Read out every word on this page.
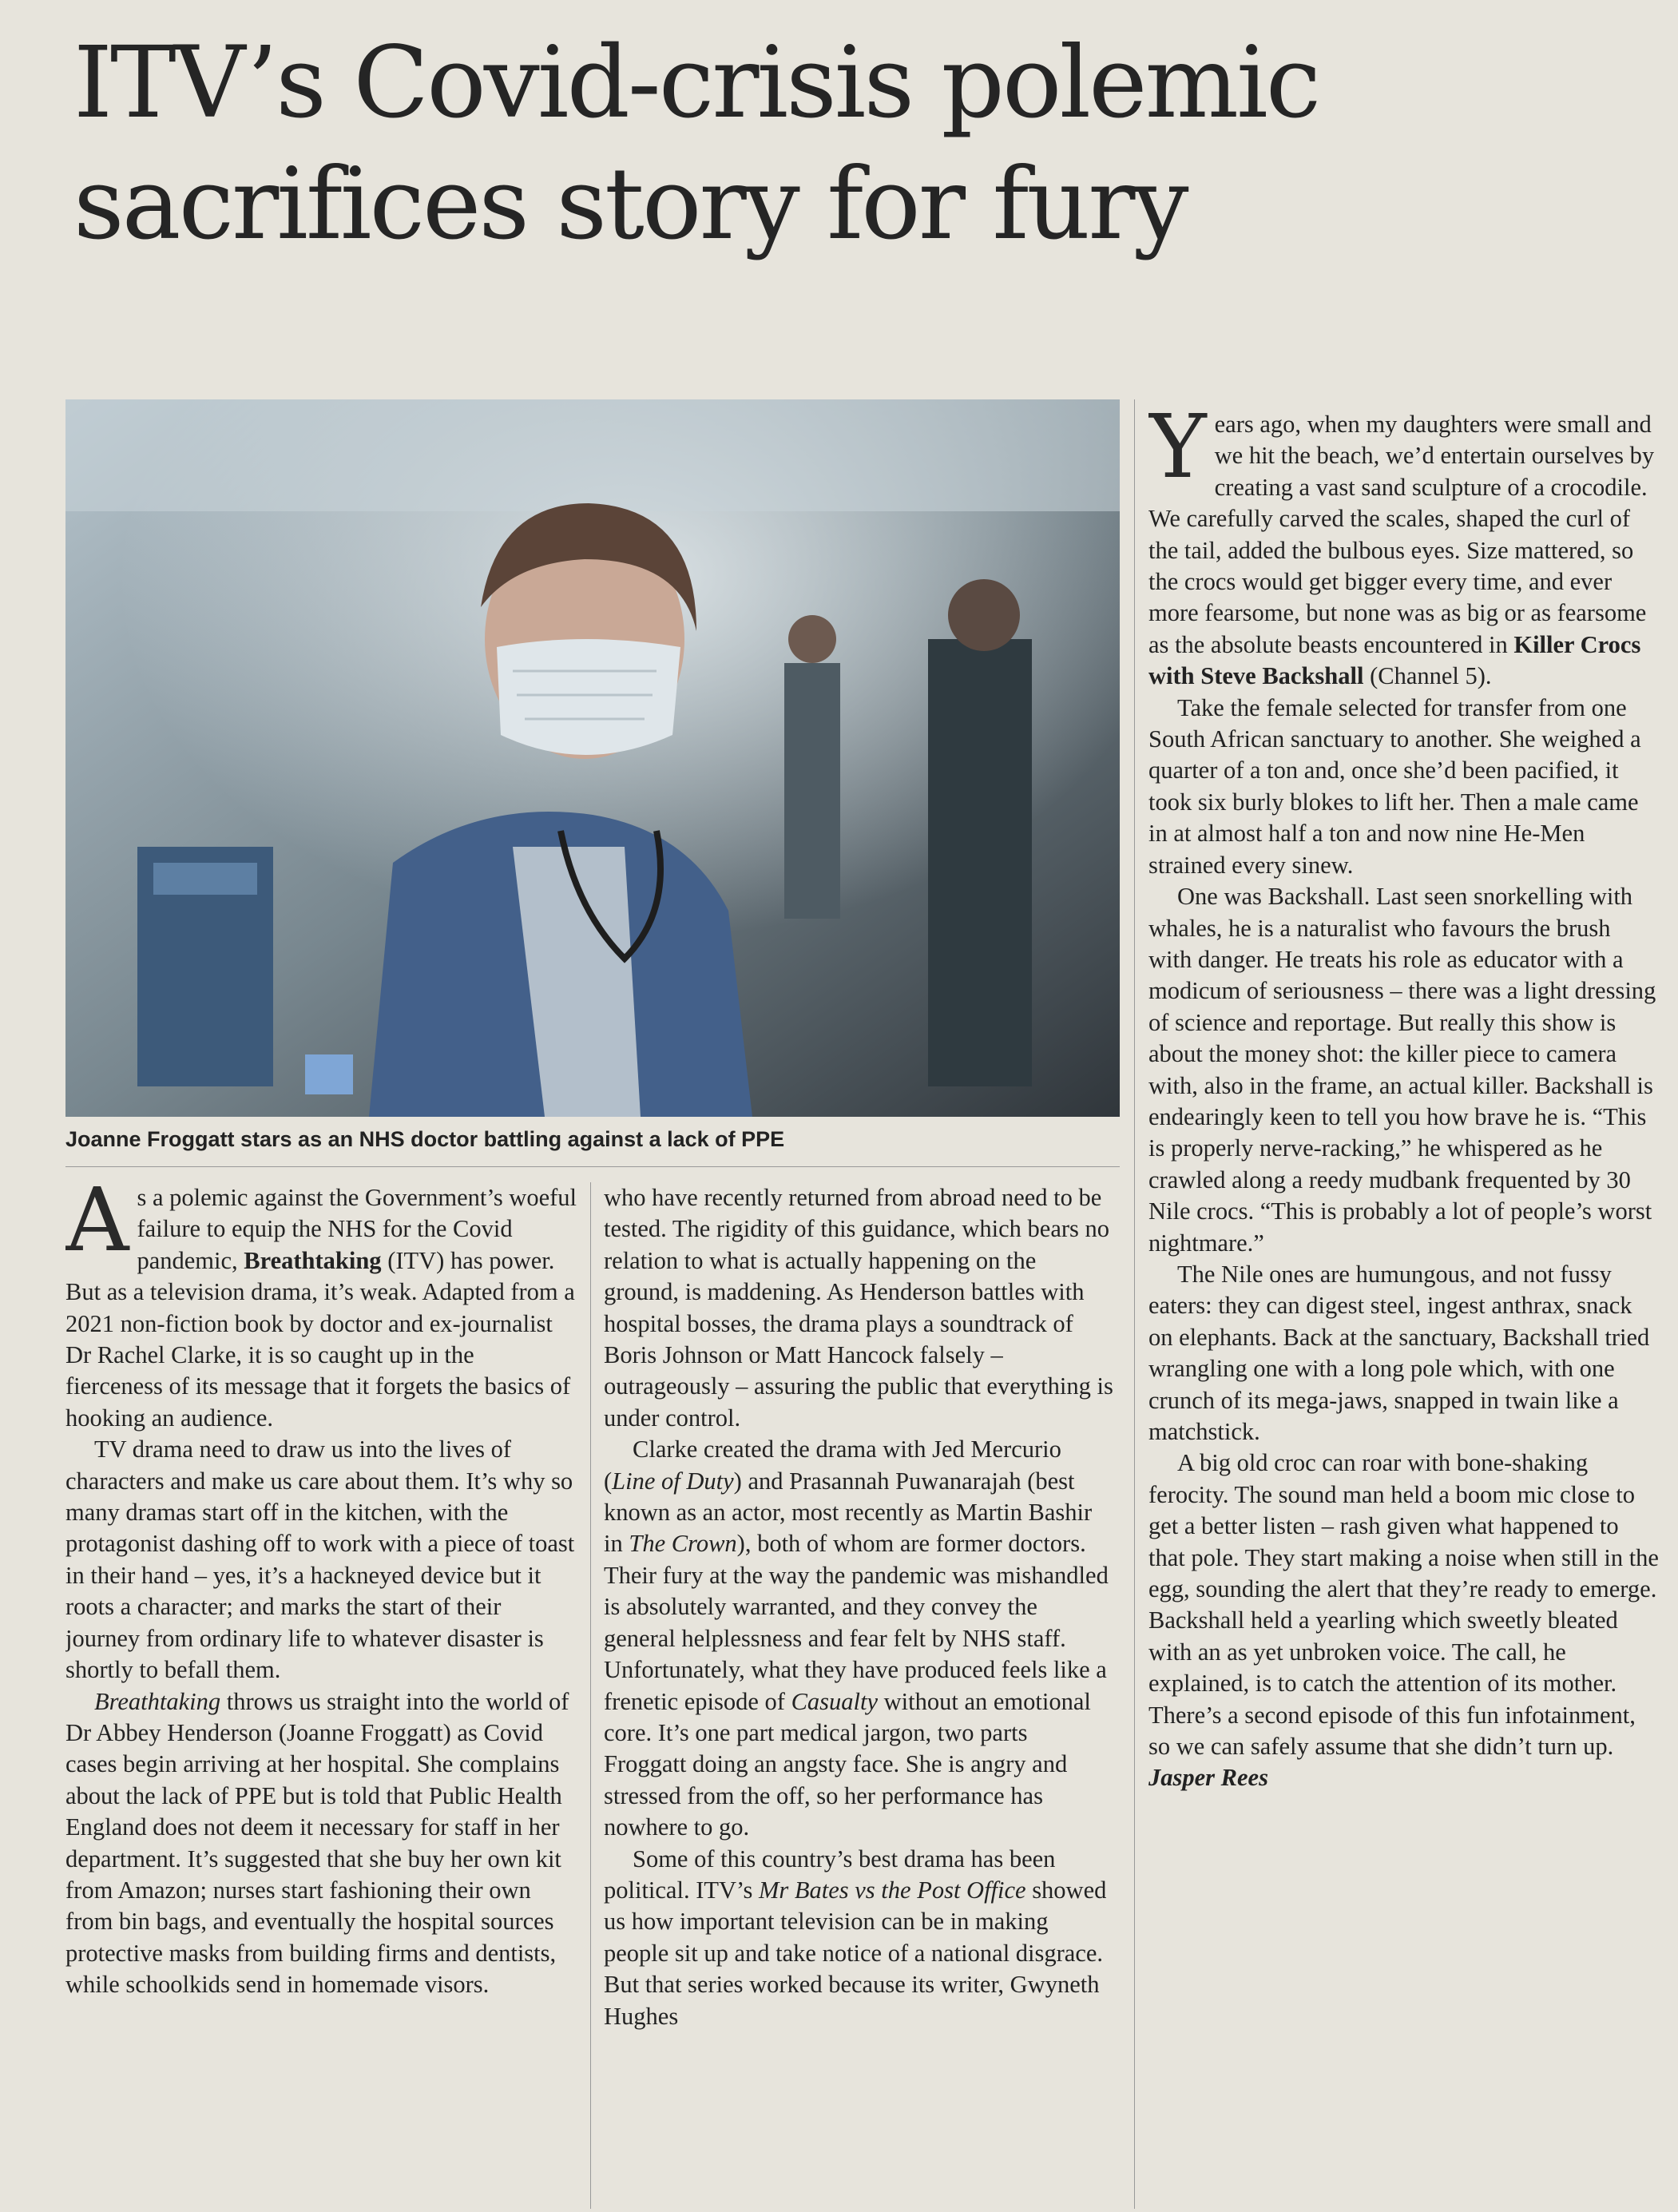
ITV’s Covid-crisis polemic sacrifices story for fury
Joanne Froggatt stars as an NHS doctor battling against a lack of PPE

As a polemic against the Government’s woeful failure to equip the NHS for the Covid pandemic, Breathtaking (ITV) has power. But as a television drama, it’s weak. Adapted from a 2021 non-fiction book by doctor and ex-journalist Dr Rachel Clarke, it is so caught up in the fierceness of its message that it forgets the basics of hooking an audience.

TV drama need to draw us into the lives of characters and make us care about them. It’s why so many dramas start off in the kitchen, with the protagonist dashing off to work with a piece of toast in their hand – yes, it’s a hackneyed device but it roots a character; and marks the start of their journey from ordinary life to whatever disaster is shortly to befall them.

Breathtaking throws us straight into the world of Dr Abbey Henderson (Joanne Froggatt) as Covid cases begin arriving at her hospital. She complains about the lack of PPE but is told that Public Health England does not deem it necessary for staff in her department. It’s suggested that she buy her own kit from Amazon; nurses start fashioning their own from bin bags, and eventually the hospital sources protective masks from building firms and dentists, while schoolkids send in homemade visors.

who have recently returned from abroad need to be tested. The rigidity of this guidance, which bears no relation to what is actually happening on the ground, is maddening. As Henderson battles with hospital bosses, the drama plays a soundtrack of Boris Johnson or Matt Hancock falsely – outrageously – assuring the public that everything is under control.

Clarke created the drama with Jed Mercurio (Line of Duty) and Prasannah Puwanarajah (best known as an actor, most recently as Martin Bashir in The Crown), both of whom are former doctors. Their fury at the way the pandemic was mishandled is absolutely warranted, and they convey the general helplessness and fear felt by NHS staff. Unfortunately, what they have produced feels like a frenetic episode of Casualty without an emotional core. It’s one part medical jargon, two parts Froggatt doing an angsty face. She is angry and stressed from the off, so her performance has nowhere to go.

Some of this country’s best drama has been political. ITV’s Mr Bates vs the Post Office showed us how important television can be in making people sit up and take notice of a national disgrace. But that series worked because its writer, Gwyneth Hughes

Years ago, when my daughters were small and we hit the beach, we’d entertain ourselves by creating a vast sand sculpture of a crocodile. We carefully carved the scales, shaped the curl of the tail, added the bulbous eyes. Size mattered, so the crocs would get bigger every time, and ever more fearsome, but none was as big or as fearsome as the absolute beasts encountered in Killer Crocs with Steve Backshall (Channel 5).

Take the female selected for transfer from one South African sanctuary to another. She weighed a quarter of a ton and, once she’d been pacified, it took six burly blokes to lift her. Then a male came in at almost half a ton and now nine He-Men strained every sinew.

One was Backshall. Last seen snorkelling with whales, he is a naturalist who favours the brush with danger. He treats his role as educator with a modicum of seriousness – there was a light dressing of science and reportage. But really this show is about the money shot: the killer piece to camera with, also in the frame, an actual killer. Backshall is endearingly keen to tell you how brave he is. “This is properly nerve-racking,” he whispered as he crawled along a reedy mudbank frequented by 30 Nile crocs. “This is probably a lot of people’s worst nightmare.”

The Nile ones are humungous, and not fussy eaters: they can digest steel, ingest anthrax, snack on elephants. Back at the sanctuary, Backshall tried wrangling one with a long pole which, with one crunch of its mega-jaws, snapped in twain like a matchstick.

A big old croc can roar with bone-shaking ferocity. The sound man held a boom mic close to get a better listen – rash given what happened to that pole. They start making a noise when still in the egg, sounding the alert that they’re ready to emerge. Backshall held a yearling which sweetly bleated with an as yet unbroken voice. The call, he explained, is to catch the attention of its mother. There’s a second episode of this fun infotainment, so we can safely assume that she didn’t turn up. Jasper Rees
